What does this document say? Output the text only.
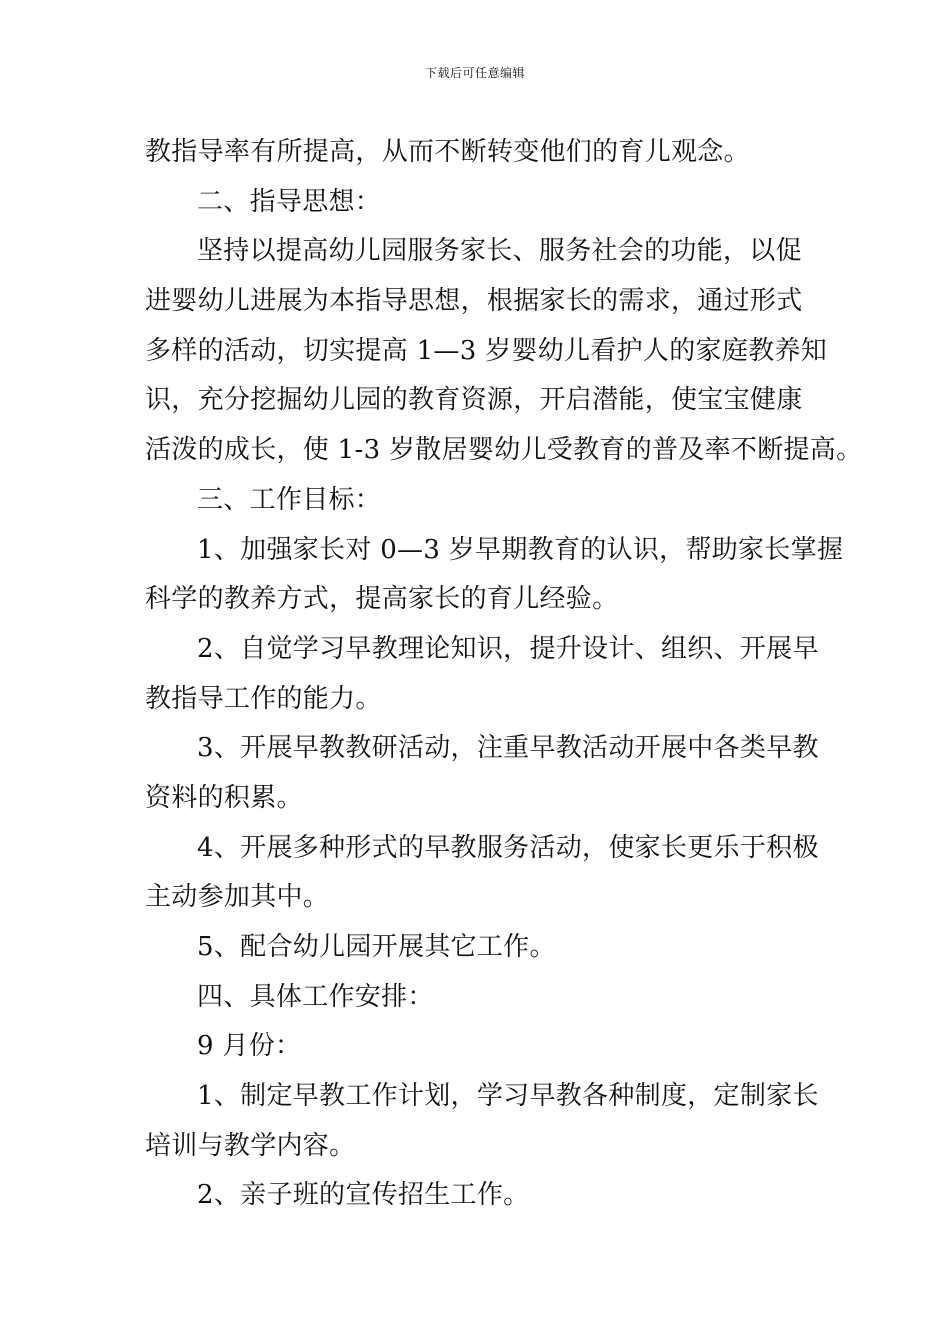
下载后可任意编辑
教指导率有所提高，从而不断转变他们的育儿观念。
二、指导思想：
坚持以提高幼儿园服务家长、服务社会的功能，以促
进婴幼儿进展为本指导思想，根据家长的需求，通过形式
多样的活动，切实提高 1—3 岁婴幼儿看护人的家庭教养知
识，充分挖掘幼儿园的教育资源，开启潜能，使宝宝健康
活泼的成长，使 1-3 岁散居婴幼儿受教育的普及率不断提高。
三、工作目标：
1、加强家长对 0—3 岁早期教育的认识，帮助家长掌握
科学的教养方式，提高家长的育儿经验。
2、自觉学习早教理论知识，提升设计、组织、开展早
教指导工作的能力。
3、开展早教教研活动，注重早教活动开展中各类早教
资料的积累。
4、开展多种形式的早教服务活动，使家长更乐于积极
主动参加其中。
5、配合幼儿园开展其它工作。
四、具体工作安排：
9 月份：
1、制定早教工作计划，学习早教各种制度，定制家长
培训与教学内容。
2、亲子班的宣传招生工作。
